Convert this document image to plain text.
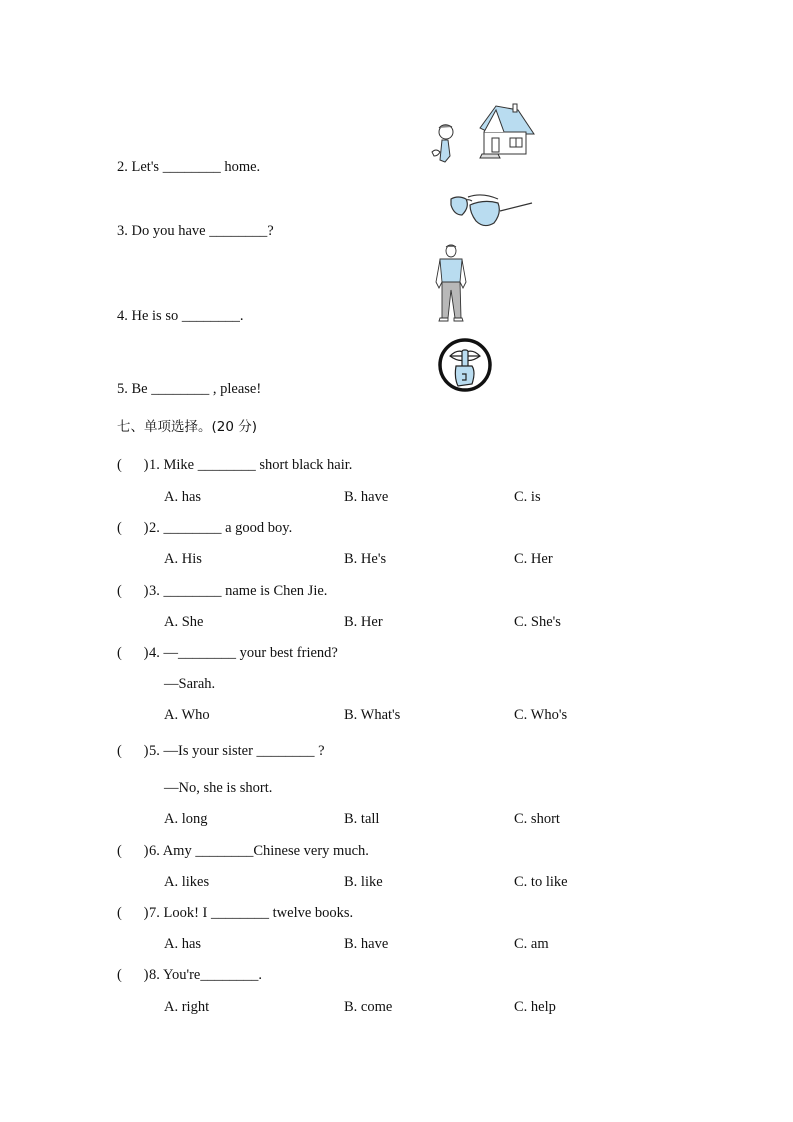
2. Let's ________ home.
3. Do you have ________?
4. He is so ________.
5. Be ________ , please!
七、单项选择。(20 分)
(      ) 1. Mike ________ short black hair.
A. has	B. have	C. is
(      ) 2. ________ a good boy.
A. His	B. He's	C. Her
(      ) 3. ________ name is Chen Jie.
A. She	B. Her	C. She's
(      ) 4. —________ your best friend?
—Sarah.
A. Who	B. What's	C. Who's
(      ) 5. —Is your sister ________ ?
—No, she is short.
A. long	B. tall	C. short
(      ) 6. Amy ________Chinese very much.
A. likes	B. like	C. to like
(      ) 7. Look! I ________ twelve books.
A. has	B. have	C. am
(      ) 8. You're________.
A. right	B. come	C. help
